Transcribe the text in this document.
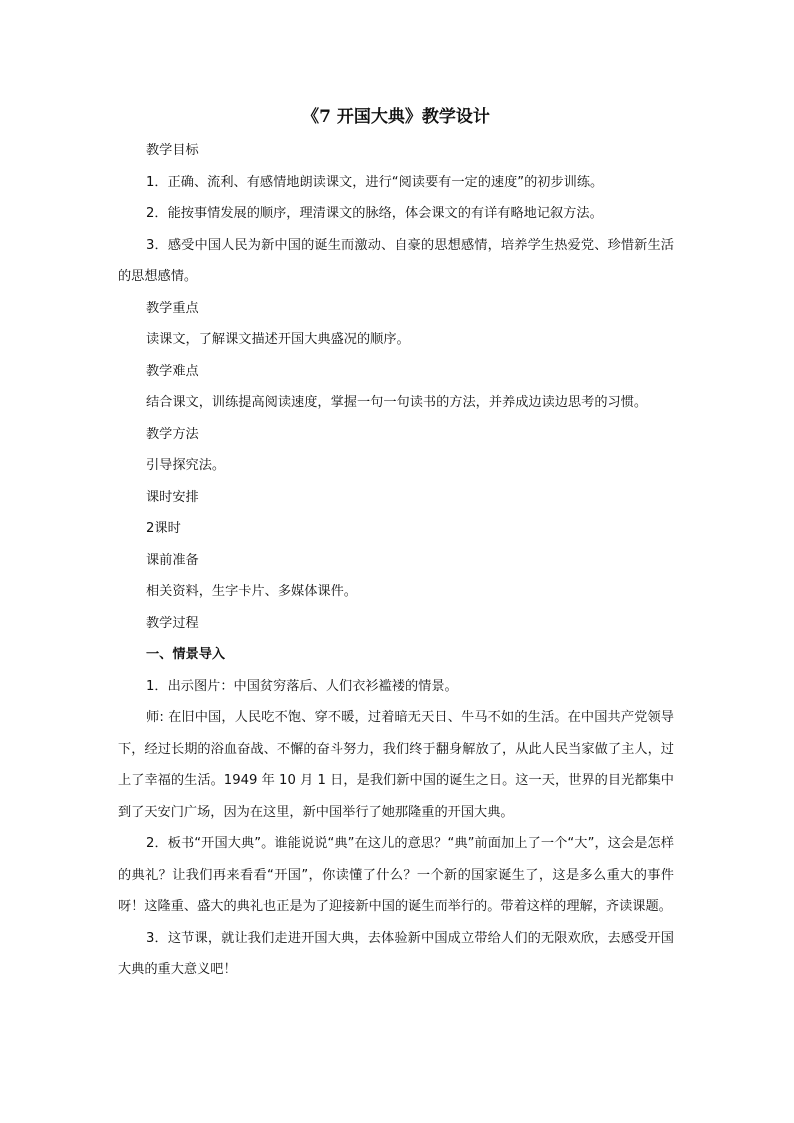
《7 开国大典》教学设计

教学目标

1．正确、流利、有感情地朗读课文，进行“阅读要有一定的速度”的初步训练。

2．能按事情发展的顺序，理清课文的脉络，体会课文的有详有略地记叙方法。

3．感受中国人民为新中国的诞生而激动、自豪的思想感情，培养学生热爱党、珍惜新生活的思想感情。

教学重点

读课文，了解课文描述开国大典盛况的顺序。

教学难点

结合课文，训练提高阅读速度，掌握一句一句读书的方法，并养成边读边思考的习惯。

教学方法

引导探究法。

课时安排

2课时

课前准备

相关资料，生字卡片、多媒体课件。

教学过程

一、情景导入

1．出示图片：中国贫穷落后、人们衣衫褴褛的情景。

师: 在旧中国，人民吃不饱、穿不暖，过着暗无天日、牛马不如的生活。在中国共产党领导下，经过长期的浴血奋战、不懈的奋斗努力，我们终于翻身解放了，从此人民当家做了主人，过上了幸福的生活。1949 年 10 月 1 日，是我们新中国的诞生之日。这一天，世界的目光都集中到了天安门广场，因为在这里，新中国举行了她那隆重的开国大典。

2．板书“开国大典”。谁能说说“典”在这儿的意思？“典”前面加上了一个“大”，这会是怎样的典礼？让我们再来看看“开国”，你读懂了什么？一个新的国家诞生了，这是多么重大的事件呀！这隆重、盛大的典礼也正是为了迎接新中国的诞生而举行的。带着这样的理解，齐读课题。

3．这节课，就让我们走进开国大典，去体验新中国成立带给人们的无限欢欣，去感受开国大典的重大意义吧！
